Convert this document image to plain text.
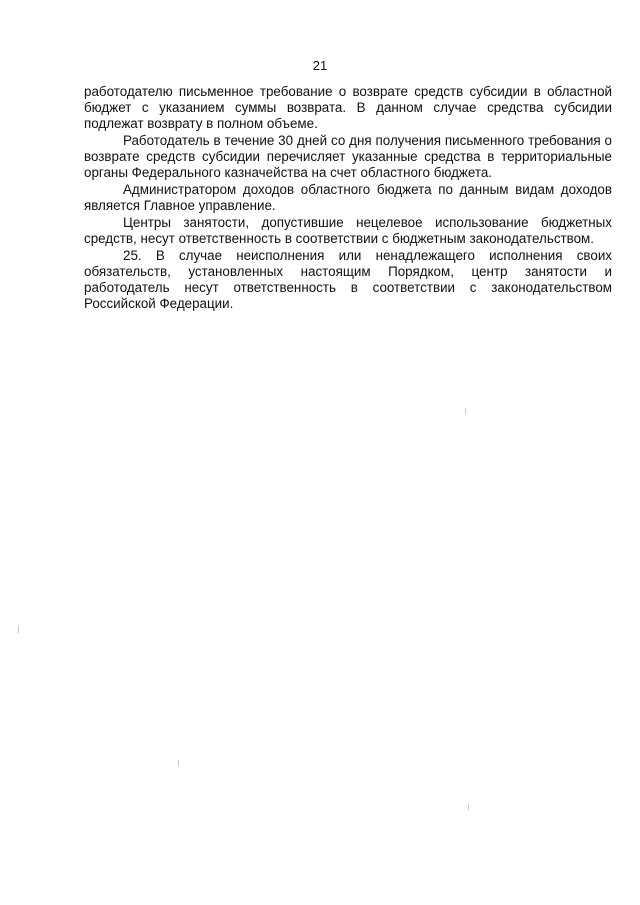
21

работодателю письменное требование о возврате средств субсидии в областной бюджет с указанием суммы возврата. В данном случае средства субсидии подлежат возврату в полном объеме.

Работодатель в течение 30 дней со дня получения письменного требования о возврате средств субсидии перечисляет указанные средства в территориальные органы Федерального казначейства на счет областного бюджета.

Администратором доходов областного бюджета по данным видам доходов является Главное управление.

Центры занятости, допустившие нецелевое использование бюджетных средств, несут ответственность в соответствии с бюджетным законодательством.

25. В случае неисполнения или ненадлежащего исполнения своих обязательств, установленных настоящим Порядком, центр занятости и работодатель несут ответственность в соответствии с законодательством Российской Федерации.
